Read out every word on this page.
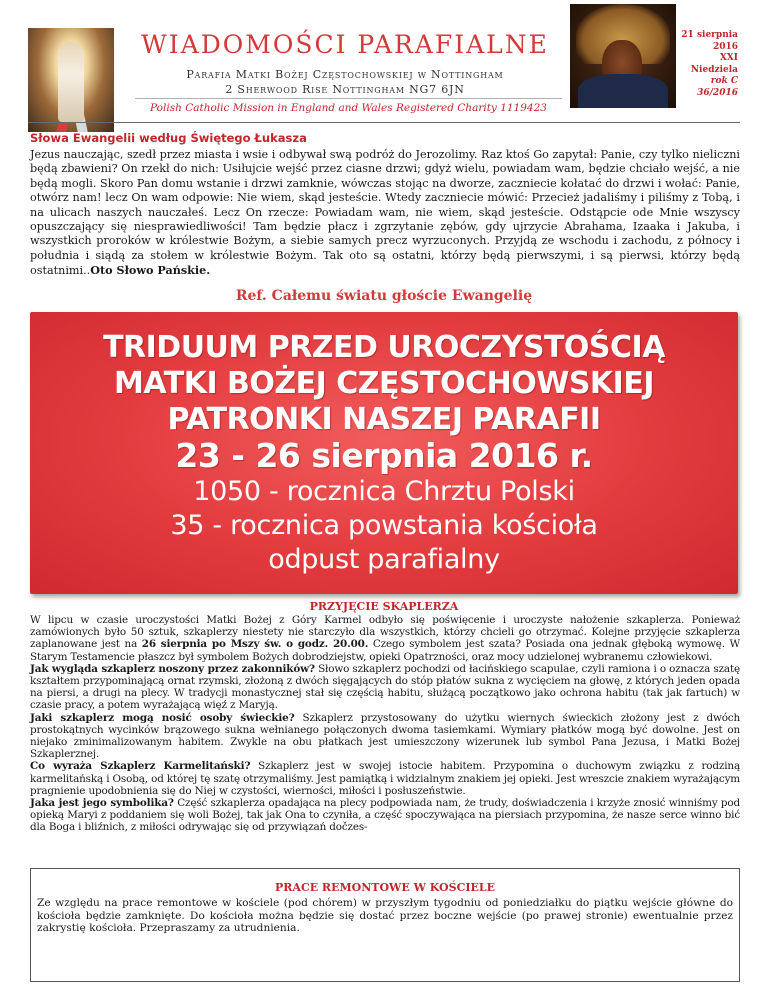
WIADOMOŚCI PARAFIALNE
Parafia Matki Bożej Częstochowskiej w Nottingham
2 Sherwood Rise Nottingham NG7 6JN
21 sierpnia
2016
XXI Niedziela
rok C
36/2016
Polish Catholic Mission in England and Wales Registered Charity 1119423
Słowa Ewangelii według Świętego Łukasza
Jezus nauczając, szedł przez miasta i wsie i odbywał swą podróż do Jerozolimy. Raz ktoś Go zapytał: Panie, czy tylko nieliczni będą zbawieni? On rzekł do nich: Usiłujcie wejść przez ciasne drzwi; gdyż wielu, powiadam wam, będzie chciało wejść, a nie będą mogli. Skoro Pan domu wstanie i drzwi zamknie, wówczas stojąc na dworze, zaczniecie kołatać do drzwi i wołać: Panie, otwórz nam! lecz On wam odpowie: Nie wiem, skąd jesteście. Wtedy zaczniecie mówić: Przecież jadaliśmy i piliśmy z Tobą, i na ulicach naszych nauczałeś. Lecz On rzecze: Powiadam wam, nie wiem, skąd jesteście. Odstąpcie ode Mnie wszyscy opuszczający się niesprawiedliwości! Tam będzie płacz i zgrzytanie zębów, gdy ujrzycie Abrahama, Izaaka i Jakuba, i wszystkich proroków w królestwie Bożym, a siebie samych precz wyrzuconych. Przyjdą ze wschodu i zachodu, z północy i południa i siądą za stołem w królestwie Bożym. Tak oto są ostatni, którzy będą pierwszymi, i są pierwsi, którzy będą ostatnimi..Oto Słowo Pańskie.
Ref. Całemu światu głoście Ewangelię
TRIDUUM PRZED UROCZYSTOŚCIĄ
MATKI BOŻEJ CZĘSTOCHOWSKIEJ
PATRONKI NASZEJ PARAFII
23 - 26 sierpnia 2016 r.
1050 - rocznica Chrztu Polski
35 - rocznica powstania kościoła
odpust parafialny
PRZYJĘCIE SKAPLERZA

W lipcu w czasie uroczystości Matki Bożej z Góry Karmel odbyło się poświęcenie i uroczyste nałożenie szkaplerza. Ponieważ zamówionych było 50 sztuk, szkaplerzy niestety nie starczyło dla wszystkich, którzy chcieli go otrzymać. Kolejne przyjęcie szkaplerza zaplanowane jest na 26 sierpnia po Mszy św. o godz. 20.00. Czego symbolem jest szata? Posiada ona jednak głęboką wymowę. W Starym Testamencie płaszcz był symbolem Bożych dobrodziejstw, opieki Opatrzności, oraz mocy udzielonej wybranemu człowiekowi.

Jak wygląda szkaplerz noszony przez zakonników? Słowo szkaplerz pochodzi od łacińskiego scapulae, czyli ramiona i o oznacza szatę kształtem przypominającą ornat rzymski, złożoną z dwóch sięgających do stóp płatów sukna z wycięciem na głowę, z których jeden opada na piersi, a drugi na plecy. W tradycji monastycznej stał się częścią habitu, służącą początkowo jako ochrona habitu (tak jak fartuch) w czasie pracy, a potem wyrażającą więź z Maryją.

Jaki szkaplerz mogą nosić osoby świeckie? Szkaplerz przystosowany do użytku wiernych świeckich złożony jest z dwóch prostokątnych wycinków brązowego sukna wełnianego połączonych dwoma tasiemkami. Wymiary płatków mogą być dowolne. Jest on niejako zminimalizowanym habitem. Zwykle na obu płatkach jest umieszczony wizerunek lub symbol Pana Jezusa, i Matki Bożej Szkaplerznej.

Co wyraża Szkaplerz Karmelitański? Szkaplerz jest w swojej istocie habitem. Przypomina o duchowym związku z rodziną karmelitańską i Osobą, od której tę szatę otrzymaliśmy. Jest pamiątką i widzialnym znakiem jej opieki. Jest wreszcie znakiem wyrażającym pragnienie upodobnienia się do Niej w czystości, wierności, miłości i posłuszeństwie.

Jaka jest jego symbolika? Część szkaplerza opadająca na plecy podpowiada nam, że trudy, doświadczenia i krzyże znosić winniśmy pod opieką Maryi z poddaniem się woli Bożej, tak jak Ona to czyniła, a część spoczywająca na piersiach przypomina, że nasze serce winno bić dla Boga i bliźnich, z miłości odrywając się od przywiązań dočzes-

PRACE REMONTOWE W KOŚCIELE
Ze względu na prace remontowe w kościele (pod chórem) w przyszłym tygodniu od poniedziałku do piątku wejście główne do kościoła będzie zamknięte. Do kościoła można będzie się dostać przez boczne wejście (po prawej stronie) ewentualnie przez zakrystię kościoła. Przepraszamy za utrudnienia.
